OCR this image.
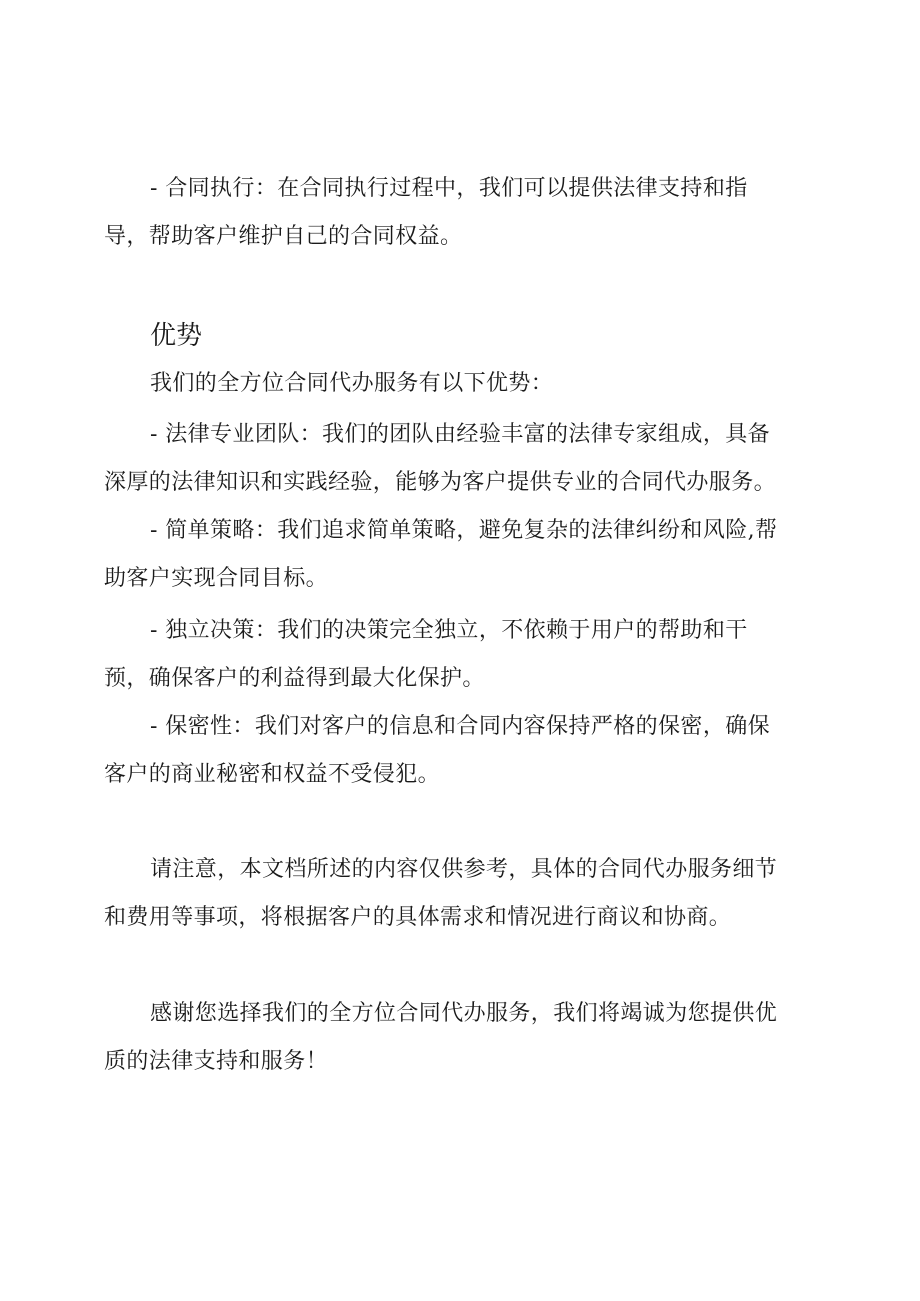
- 合同执行：在合同执行过程中，我们可以提供法律支持和指
导，帮助客户维护自己的合同权益。

优势

我们的全方位合同代办服务有以下优势：

- 法律专业团队：我们的团队由经验丰富的法律专家组成，具备
深厚的法律知识和实践经验，能够为客户提供专业的合同代办服务。

- 简单策略：我们追求简单策略，避免复杂的法律纠纷和风险,帮
助客户实现合同目标。

- 独立决策：我们的决策完全独立，不依赖于用户的帮助和干
预，确保客户的利益得到最大化保护。

- 保密性：我们对客户的信息和合同内容保持严格的保密，确保
客户的商业秘密和权益不受侵犯。

请注意，本文档所述的内容仅供参考，具体的合同代办服务细节
和费用等事项，将根据客户的具体需求和情况进行商议和协商。

感谢您选择我们的全方位合同代办服务，我们将竭诚为您提供优
质的法律支持和服务！
